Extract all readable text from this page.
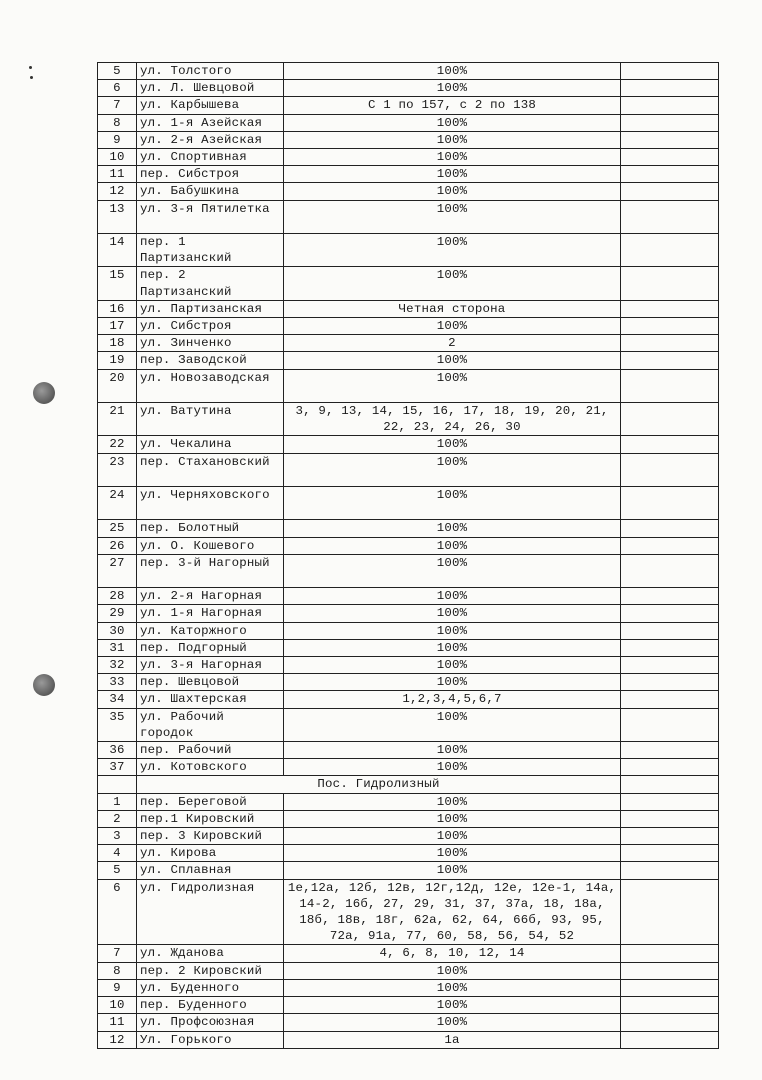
5	ул. Толстого	100%	
6	ул. Л. Шевцовой	100%	
7	ул. Карбышева	С 1 по 157, с 2 по 138	
8	ул. 1-я Азейская	100%	
9	ул. 2-я Азейская	100%	
10	ул. Спортивная	100%	
11	пер. Сибстроя	100%	
12	ул. Бабушкина	100%	
13	ул. 3-я Пятилетка	100%	
14	пер. 1 Партизанский	100%	
15	пер. 2 Партизанский	100%	
16	ул. Партизанская	Четная сторона	
17	ул. Сибстроя	100%	
18	ул. Зинченко	2	
19	пер. Заводской	100%	
20	ул. Новозаводская	100%	
21	ул. Ватутина	3, 9, 13, 14, 15, 16, 17, 18, 19, 20, 21, 22, 23, 24, 26, 30	
22	ул. Чекалина	100%	
23	пер. Стахановский	100%	
24	ул. Черняховского	100%	
25	пер. Болотный	100%	
26	ул. О. Кошевого	100%	
27	пер. 3-й Нагорный	100%	
28	ул. 2-я Нагорная	100%	
29	ул. 1-я Нагорная	100%	
30	ул. Каторжного	100%	
31	пер. Подгорный	100%	
32	ул. 3-я Нагорная	100%	
33	пер. Шевцовой	100%	
34	ул. Шахтерская	1,2,3,4,5,6,7	
35	ул. Рабочий городок	100%	
36	пер. Рабочий	100%	
37	ул. Котовского	100%	
	Пос. Гидролизный		
1	пер. Береговой	100%	
2	пер.1 Кировский	100%	
3	пер. 3 Кировский	100%	
4	ул. Кирова	100%	
5	ул. Сплавная	100%	
6	ул. Гидролизная	1е,12а, 12б, 12в, 12г,12д, 12е, 12е-1, 14а, 14-2, 16б, 27, 29, 31, 37, 37а, 18, 18а, 18б, 18в, 18г, 62а, 62, 64, 66б, 93, 95, 72а, 91а, 77, 60, 58, 56, 54, 52	
7	ул. Жданова	4, 6, 8, 10, 12, 14	
8	пер. 2 Кировский	100%	
9	ул. Буденного	100%	
10	пер. Буденного	100%	
11	ул. Профсоюзная	100%	
12	Ул. Горького	1а	
